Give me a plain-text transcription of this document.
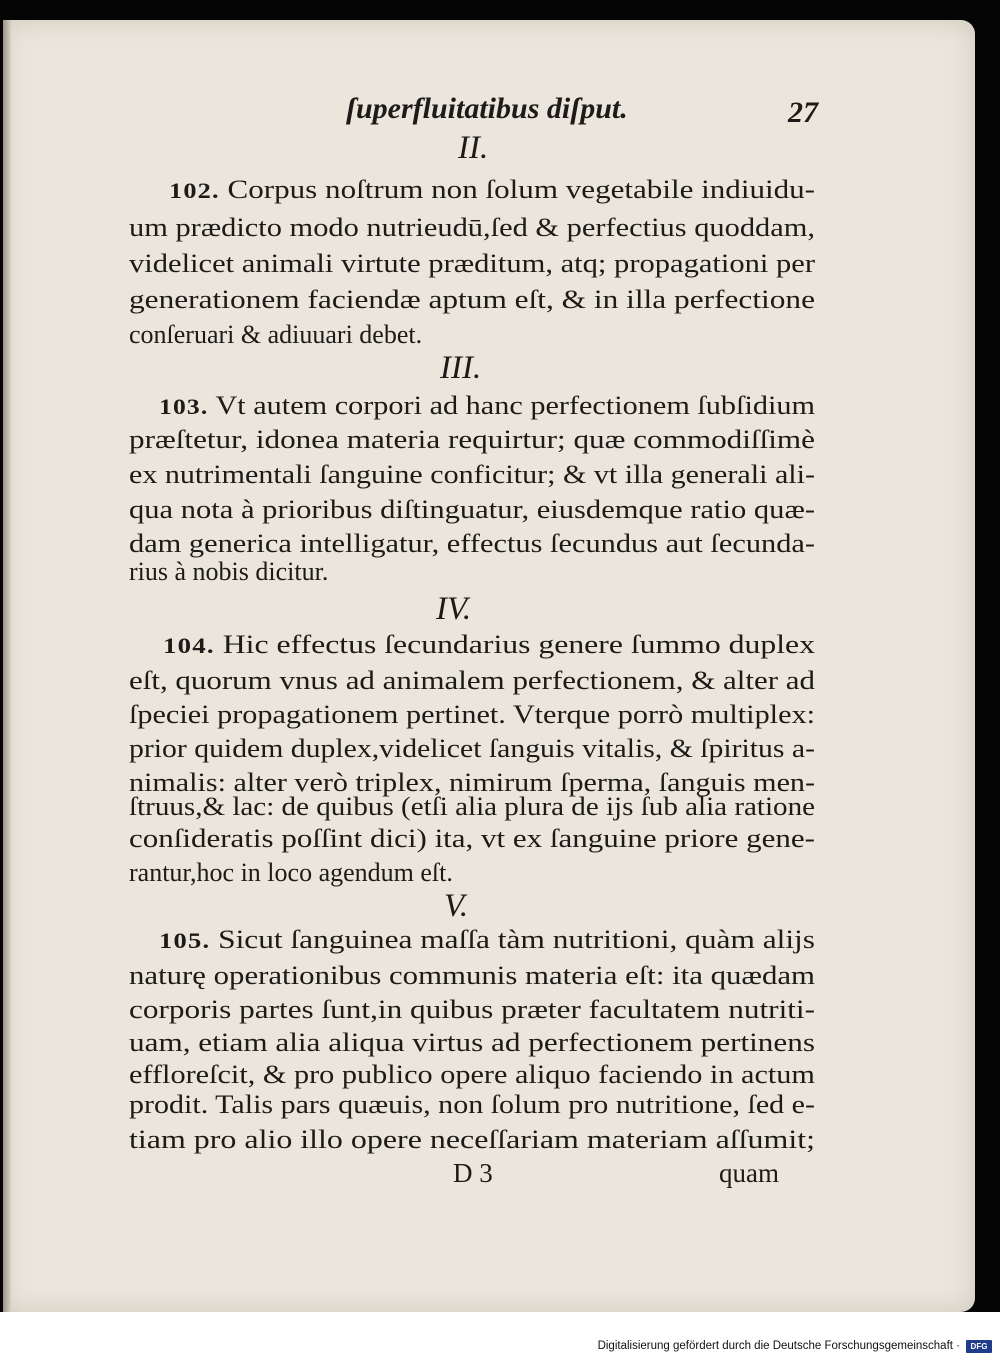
ſuperfluitatibus diſput.	27
II.
102. Corpus noſtrum non ſolum vegetabile indiuidu-
um prædicto modo nutrieudū,ſed & perfectius quoddam,
videlicet animali virtute præditum, atq; propagationi per
generationem faciendæ aptum eſt, & in illa perfectione
conſeruari & adiuuari debet.
III.
103. Vt autem corpori ad hanc perfectionem ſubſidium
præſtetur, idonea materia requirtur; quæ commodiſſimè
ex nutrimentali ſanguine conficitur; & vt illa generali ali-
qua nota à prioribus diſtinguatur, eiusdemque ratio quæ-
dam generica intelligatur, effectus ſecundus aut ſecunda-
rius à nobis dicitur.
IV.
104. Hic effectus ſecundarius genere ſummo duplex
eſt, quorum vnus ad animalem perfectionem, & alter ad
ſpeciei propagationem pertinet. Vterque porrò multiplex:
prior quidem duplex,videlicet ſanguis vitalis, & ſpiritus a-
nimalis: alter verò triplex, nimirum ſperma, ſanguis men-
ſtruus,& lac: de quibus (etſi alia plura de ijs ſub alia ratione
conſideratis poſſint dici) ita, vt ex ſanguine priore gene-
rantur,hoc in loco agendum eſt.
V.
105. Sicut ſanguinea maſſa tàm nutritioni, quàm alijs
naturę operationibus communis materia eſt: ita quædam
corporis partes ſunt,in quibus præter facultatem nutriti-
uam, etiam alia aliqua virtus ad perfectionem pertinens
effloreſcit, & pro publico opere aliquo faciendo in actum
prodit. Talis pars quæuis, non ſolum pro nutritione, ſed e-
tiam pro alio illo opere neceſſariam materiam aſſumit;
D 3	quam
Digitalisierung gefördert durch die Deutsche Forschungsgemeinschaft ·	DFG
